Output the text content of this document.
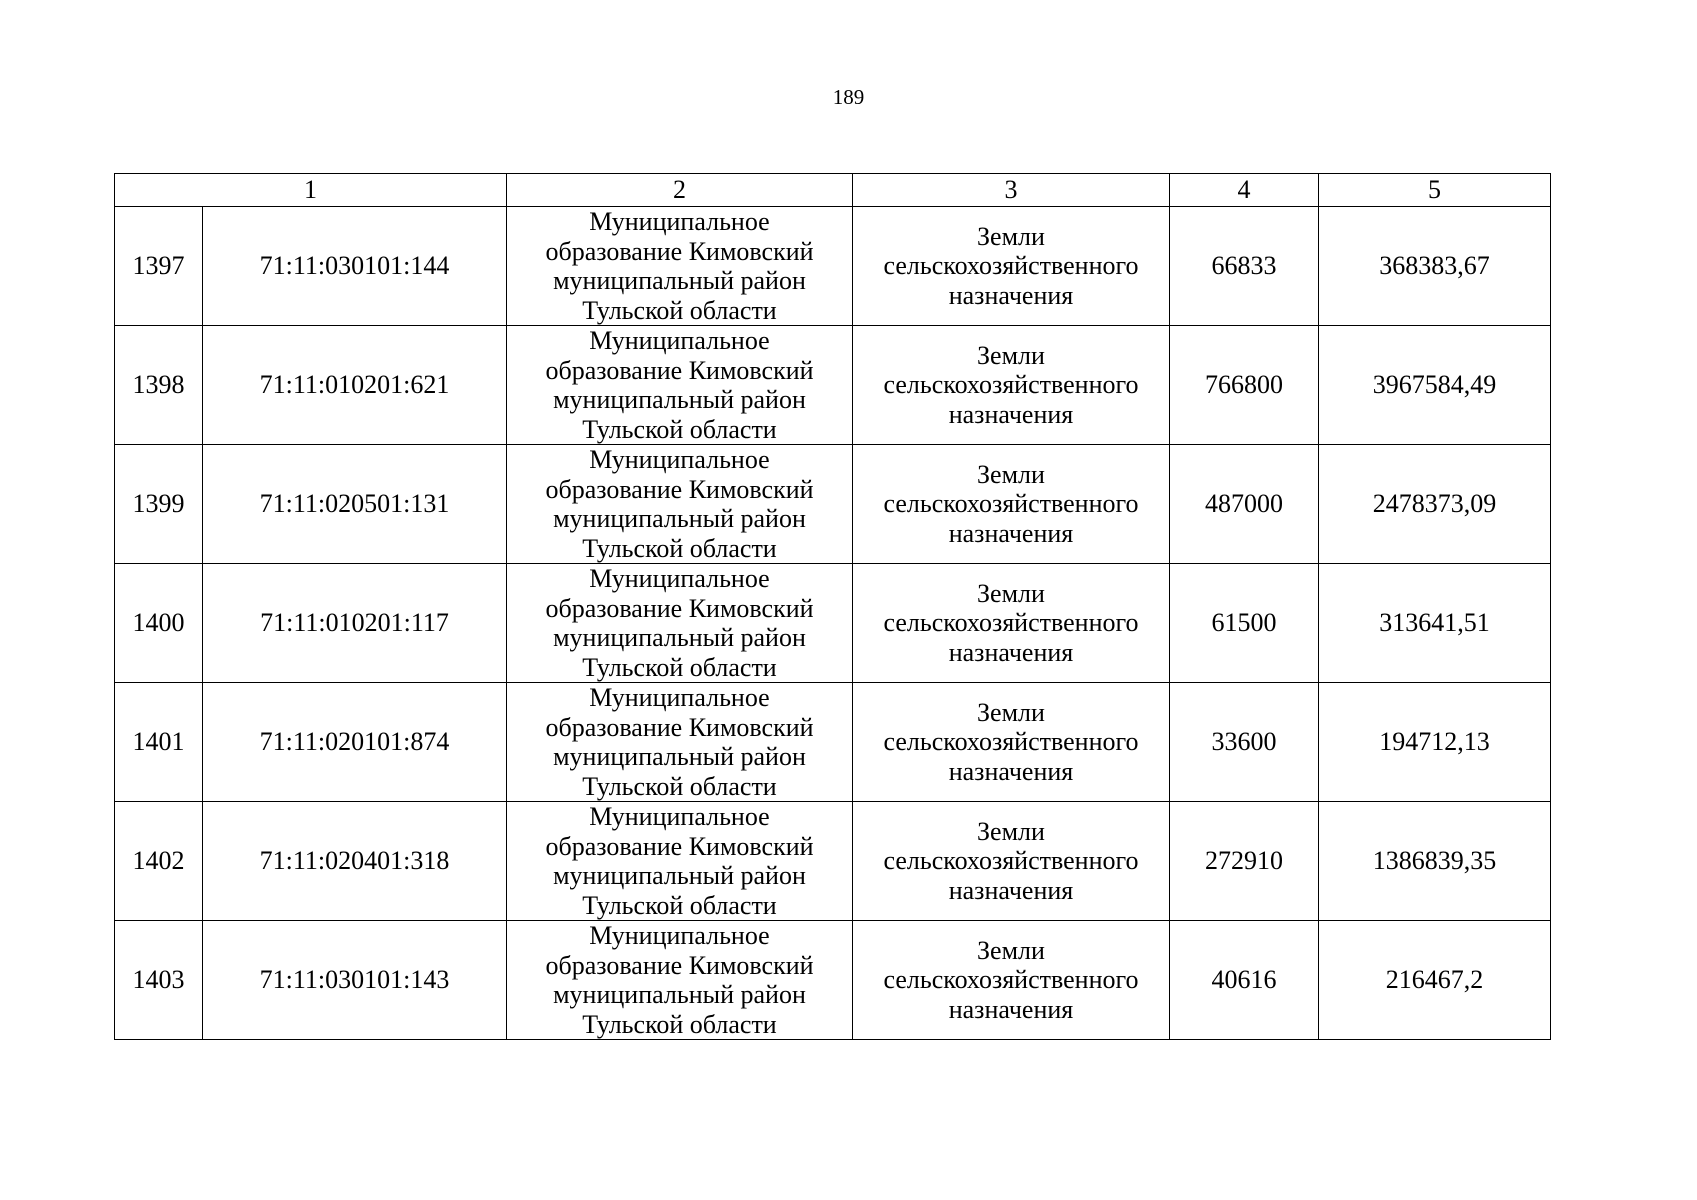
189
1		2	3	4	5
1397	71:11:030101:144	Муниципальное
образование Кимовский
муниципальный район
Тульской области	Земли
сельскохозяйственного
назначения	66833	368383,67
1398	71:11:010201:621	Муниципальное
образование Кимовский
муниципальный район
Тульской области	Земли
сельскохозяйственного
назначения	766800	3967584,49
1399	71:11:020501:131	Муниципальное
образование Кимовский
муниципальный район
Тульской области	Земли
сельскохозяйственного
назначения	487000	2478373,09
1400	71:11:010201:117	Муниципальное
образование Кимовский
муниципальный район
Тульской области	Земли
сельскохозяйственного
назначения	61500	313641,51
1401	71:11:020101:874	Муниципальное
образование Кимовский
муниципальный район
Тульской области	Земли
сельскохозяйственного
назначения	33600	194712,13
1402	71:11:020401:318	Муниципальное
образование Кимовский
муниципальный район
Тульской области	Земли
сельскохозяйственного
назначения	272910	1386839,35
1403	71:11:030101:143	Муниципальное
образование Кимовский
муниципальный район
Тульской области	Земли
сельскохозяйственного
назначения	40616	216467,2
